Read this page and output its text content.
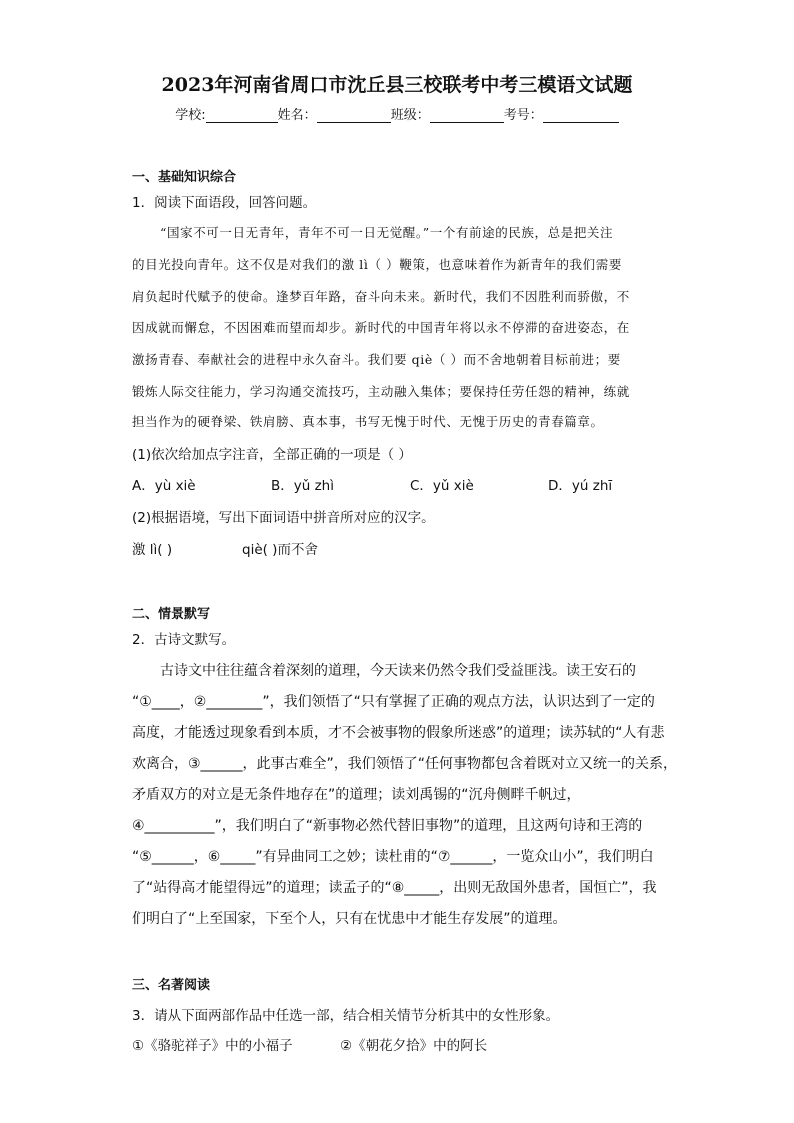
2023年河南省周口市沈丘县三校联考中考三模语文试题
学校:	姓名：	班级：	考号：
一、基础知识综合
1．阅读下面语段，回答问题。
“国家不可一日无青年，青年不可一日无觉醒。”一个有前途的民族，总是把关注
的目光投向青年。这不仅是对我们的激 lì（ ）鞭策，也意味着作为新青年的我们需要
肩负起时代赋予的使命。逢梦百年路，奋斗向未来。新时代，我们不因胜利而骄傲，不
因成就而懈怠，不因困难而望而却步。新时代的中国青年将以永不停滞的奋进姿态，在
激扬青春、奉献社会的进程中永久奋斗。我们要 qiè（ ）而不舍地朝着目标前进；要
锻炼人际交往能力，学习沟通交流技巧，主动融入集体；要保持任劳任怨的精神，练就
担当作为的硬脊梁、铁肩膀、真本事，书写无愧于时代、无愧于历史的青春篇章。
(1)依次给加点字注音，全部正确的一项是（ ）
A．yù xiè	B．yǔ zhì	C．yǔ xiè	D．yú zhī
(2)根据语境，写出下面词语中拼音所对应的汉字。
激 lì( )	qiè( )而不舍
二、情景默写
2．古诗文默写。
古诗文中往往蕴含着深刻的道理，今天读来仍然令我们受益匪浅。读王安石的
“①____，②________”，我们领悟了“只有掌握了正确的观点方法，认识达到了一定的
高度，才能透过现象看到本质，才不会被事物的假象所迷惑”的道理；读苏轼的“人有悲
欢离合，③______，此事古难全”，我们领悟了“任何事物都包含着既对立又统一的关系，
矛盾双方的对立是无条件地存在”的道理；读刘禹锡的“沉舟侧畔千帆过，
④__________”，我们明白了“新事物必然代替旧事物”的道理，且这两句诗和王湾的
“⑤______，⑥_____”有异曲同工之妙；读杜甫的“⑦______，一览众山小”，我们明白
了“站得高才能望得远”的道理；读孟子的“⑧_____，出则无敌国外患者，国恒亡”，我
们明白了“上至国家，下至个人，只有在忧患中才能生存发展”的道理。
三、名著阅读
3．请从下面两部作品中任选一部，结合相关情节分析其中的女性形象。
①《骆驼祥子》中的小福子	②《朝花夕拾》中的阿长
